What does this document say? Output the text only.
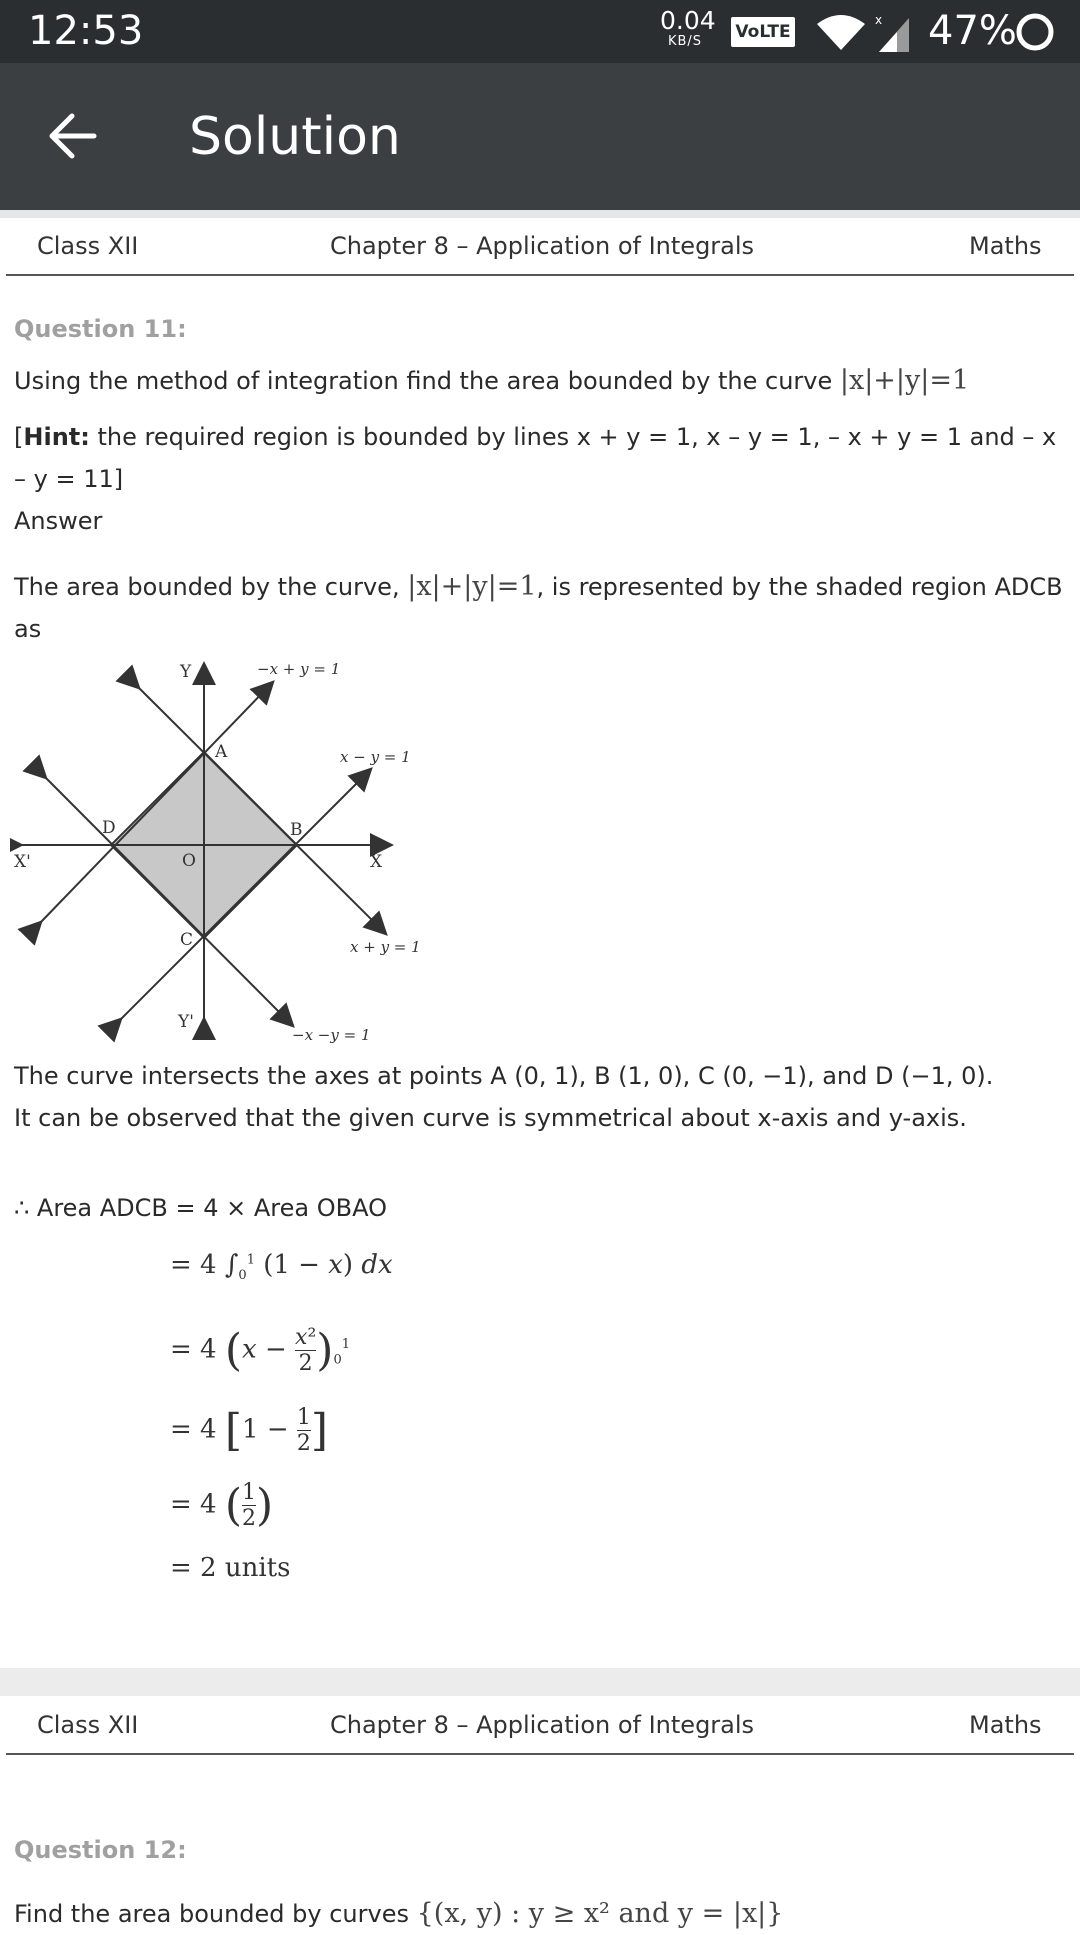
12:53	0.04
KB/S	VoLTE
x 47%
Solution
Class XII	Chapter 8 – Application of Integrals	Maths
Question 11:
Using the method of integration find the area bounded by the curve |x|+|y|=1
[Hint: the required region is bounded by lines x + y = 1, x – y = 1, – x + y = 1 and – x – y = 11]
Answer
The area bounded by the curve, |x|+|y|=1, is represented by the shaded region ADCB as
Y
Y'
X
X'
A
B
C
D
O
−x + y = 1
x − y = 1
x + y = 1
−x −y = 1
The curve intersects the axes at points A (0, 1), B (1, 0), C (0, −1), and D (−1, 0).
It can be observed that the given curve is symmetrical about x-axis and y-axis.
∴ Area ADCB = 4 × Area OBAO
= 4 $\int_0^1$ (1 − x) dx
= 4 $(x - \frac{\text{x²}}{2} )_0^1$
= 4 [$1 - \frac{1}{2}$ ]
= 4 ( $\frac{1}{2}$ )
= 2 units
Class XII	Chapter 8 – Application of Integrals	Maths
Question 12:
Find the area bounded by curves {(x, y) : y ≥ x² and y = |x|}
